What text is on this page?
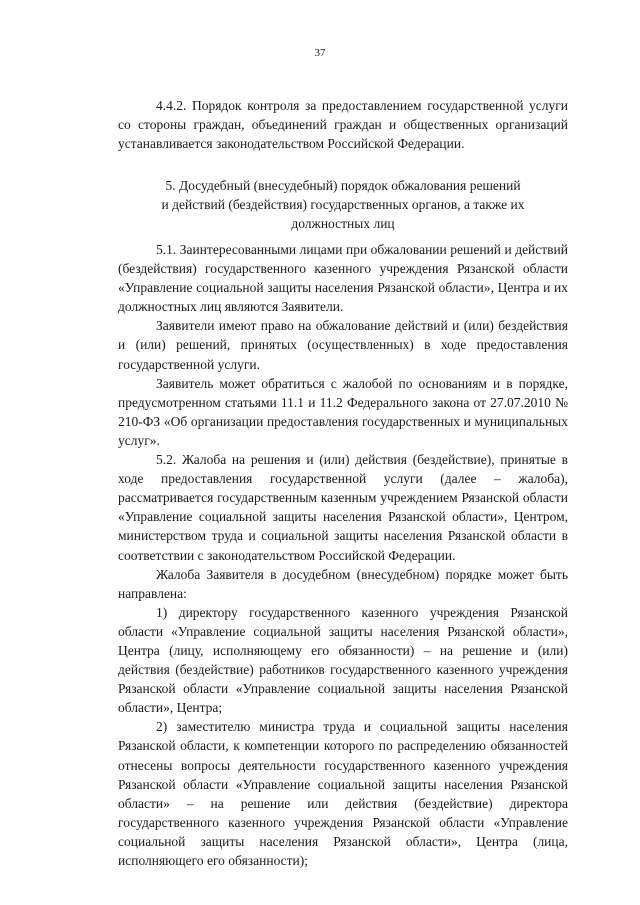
37

4.4.2. Порядок контроля за предоставлением государственной услуги со стороны граждан, объединений граждан и общественных организаций устанавливается законодательством Российской Федерации.

5. Досудебный (внесудебный) порядок обжалования решений
и действий (бездействия) государственных органов, а также их
должностных лиц

5.1. Заинтересованными лицами при обжаловании решений и действий (бездействия) государственного казенного учреждения Рязанской области «Управление социальной защиты населения Рязанской области», Центра и их должностных лиц являются Заявители.

Заявители имеют право на обжалование действий и (или) бездействия и (или) решений, принятых (осуществленных) в ходе предоставления государственной услуги.

Заявитель может обратиться с жалобой по основаниям и в порядке, предусмотренном статьями 11.1 и 11.2 Федерального закона от 27.07.2010 № 210-ФЗ «Об организации предоставления государственных и муниципальных услуг».

5.2. Жалоба на решения и (или) действия (бездействие), принятые в ходе предоставления государственной услуги (далее – жалоба), рассматривается государственным казенным учреждением Рязанской области «Управление социальной защиты населения Рязанской области», Центром, министерством труда и социальной защиты населения Рязанской области в соответствии с законодательством Российской Федерации.

Жалоба Заявителя в досудебном (внесудебном) порядке может быть направлена:

1) директору государственного казенного учреждения Рязанской области «Управление социальной защиты населения Рязанской области», Центра (лицу, исполняющему его обязанности) – на решение и (или) действия (бездействие) работников государственного казенного учреждения Рязанской области «Управление социальной защиты населения Рязанской области», Центра;

2) заместителю министра труда и социальной защиты населения Рязанской области, к компетенции которого по распределению обязанностей отнесены вопросы деятельности государственного казенного учреждения Рязанской области «Управление социальной защиты населения Рязанской области» – на решение или действия (бездействие) директора государственного казенного учреждения Рязанской области «Управление социальной защиты населения Рязанской области», Центра (лица, исполняющего его обязанности);
